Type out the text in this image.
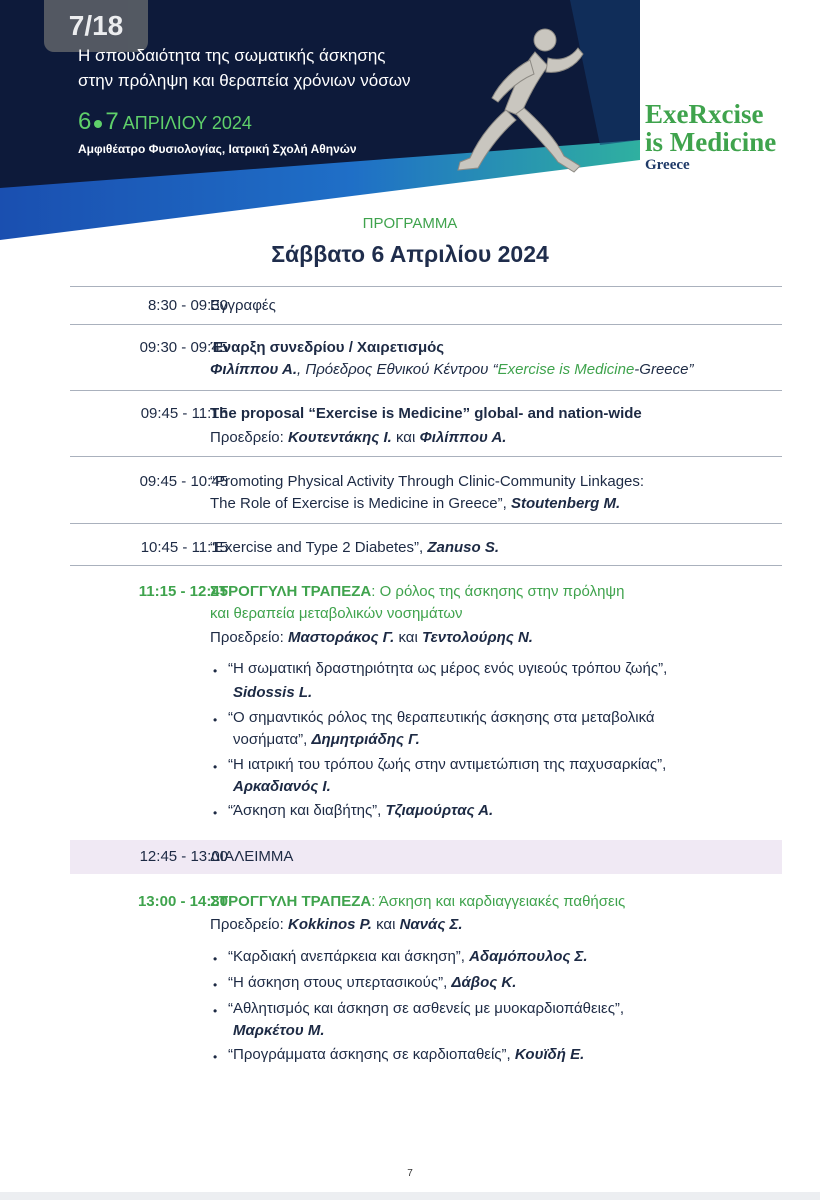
7/18
Η σπουδαιότητα της σωματικής άσκησης
στην πρόληψη και θεραπεία χρόνιων νόσων
6 7 ΑΠΡΙΛΙΟΥ 2024
Αμφιθέατρο Φυσιολογίας, Ιατρική Σχολή Αθηνών
ExeRxcise
is Medicine
Greece
ΠΡΟΓΡΑΜΜΑ
Σάββατο 6 Απριλίου 2024
8:30 - 09:30
Εγγραφές
09:30 - 09:45
Έναρξη συνεδρίου / Χαιρετισμός
Φιλίππου Α., Πρόεδρος Εθνικού Κέντρου “Exercise is Medicine-Greece”
09:45 - 11:15
The proposal “Exercise is Medicine” global- and nation-wide
Προεδρείο: Κουτεντάκης Ι. και Φιλίππου Α.
09:45 - 10:45
“Promoting Physical Activity Through Clinic-Community Linkages:
The Role of Exercise is Medicine in Greece”, Stoutenberg M.
10:45 - 11:15
“Exercise and Type 2 Diabetes”, Zanuso S.
11:15 - 12:45
ΣΤΡΟΓΓΥΛΗ ΤΡΑΠΕΖΑ: Ο ρόλος της άσκησης στην πρόληψη
και θεραπεία μεταβολικών νοσημάτων
Προεδρείο: Μαστοράκος Γ. και Τεντολούρης Ν.
• “Η σωματική δραστηριότητα ως μέρος ενός υγιεούς τρόπου ζωής”,
Sidossis L.
• “Ο σημαντικός ρόλος της θεραπευτικής άσκησης στα μεταβολικά
νοσήματα”, Δημητριάδης Γ.
• “Η ιατρική του τρόπου ζωής στην αντιμετώπιση της παχυσαρκίας”,
Αρκαδιανός Ι.
• “Άσκηση και διαβήτης”, Τζιαμούρτας Α.
12:45 - 13:00
ΔΙΑΛΕΙΜΜΑ
13:00 - 14:30
ΣΤΡΟΓΓΥΛΗ ΤΡΑΠΕΖΑ: Άσκηση και καρδιαγγειακές παθήσεις
Προεδρείο: Kokkinos P. και Νανάς Σ.
• “Καρδιακή ανεπάρκεια και άσκηση”, Αδαμόπουλος Σ.
• “Η άσκηση στους υπερτασικούς”, Δάβος Κ.
• “Αθλητισμός και άσκηση σε ασθενείς με μυοκαρδιοπάθειες”,
Μαρκέτου Μ.
• “Προγράμματα άσκησης σε καρδιοπαθείς”, Κουϊδή Ε.
7
